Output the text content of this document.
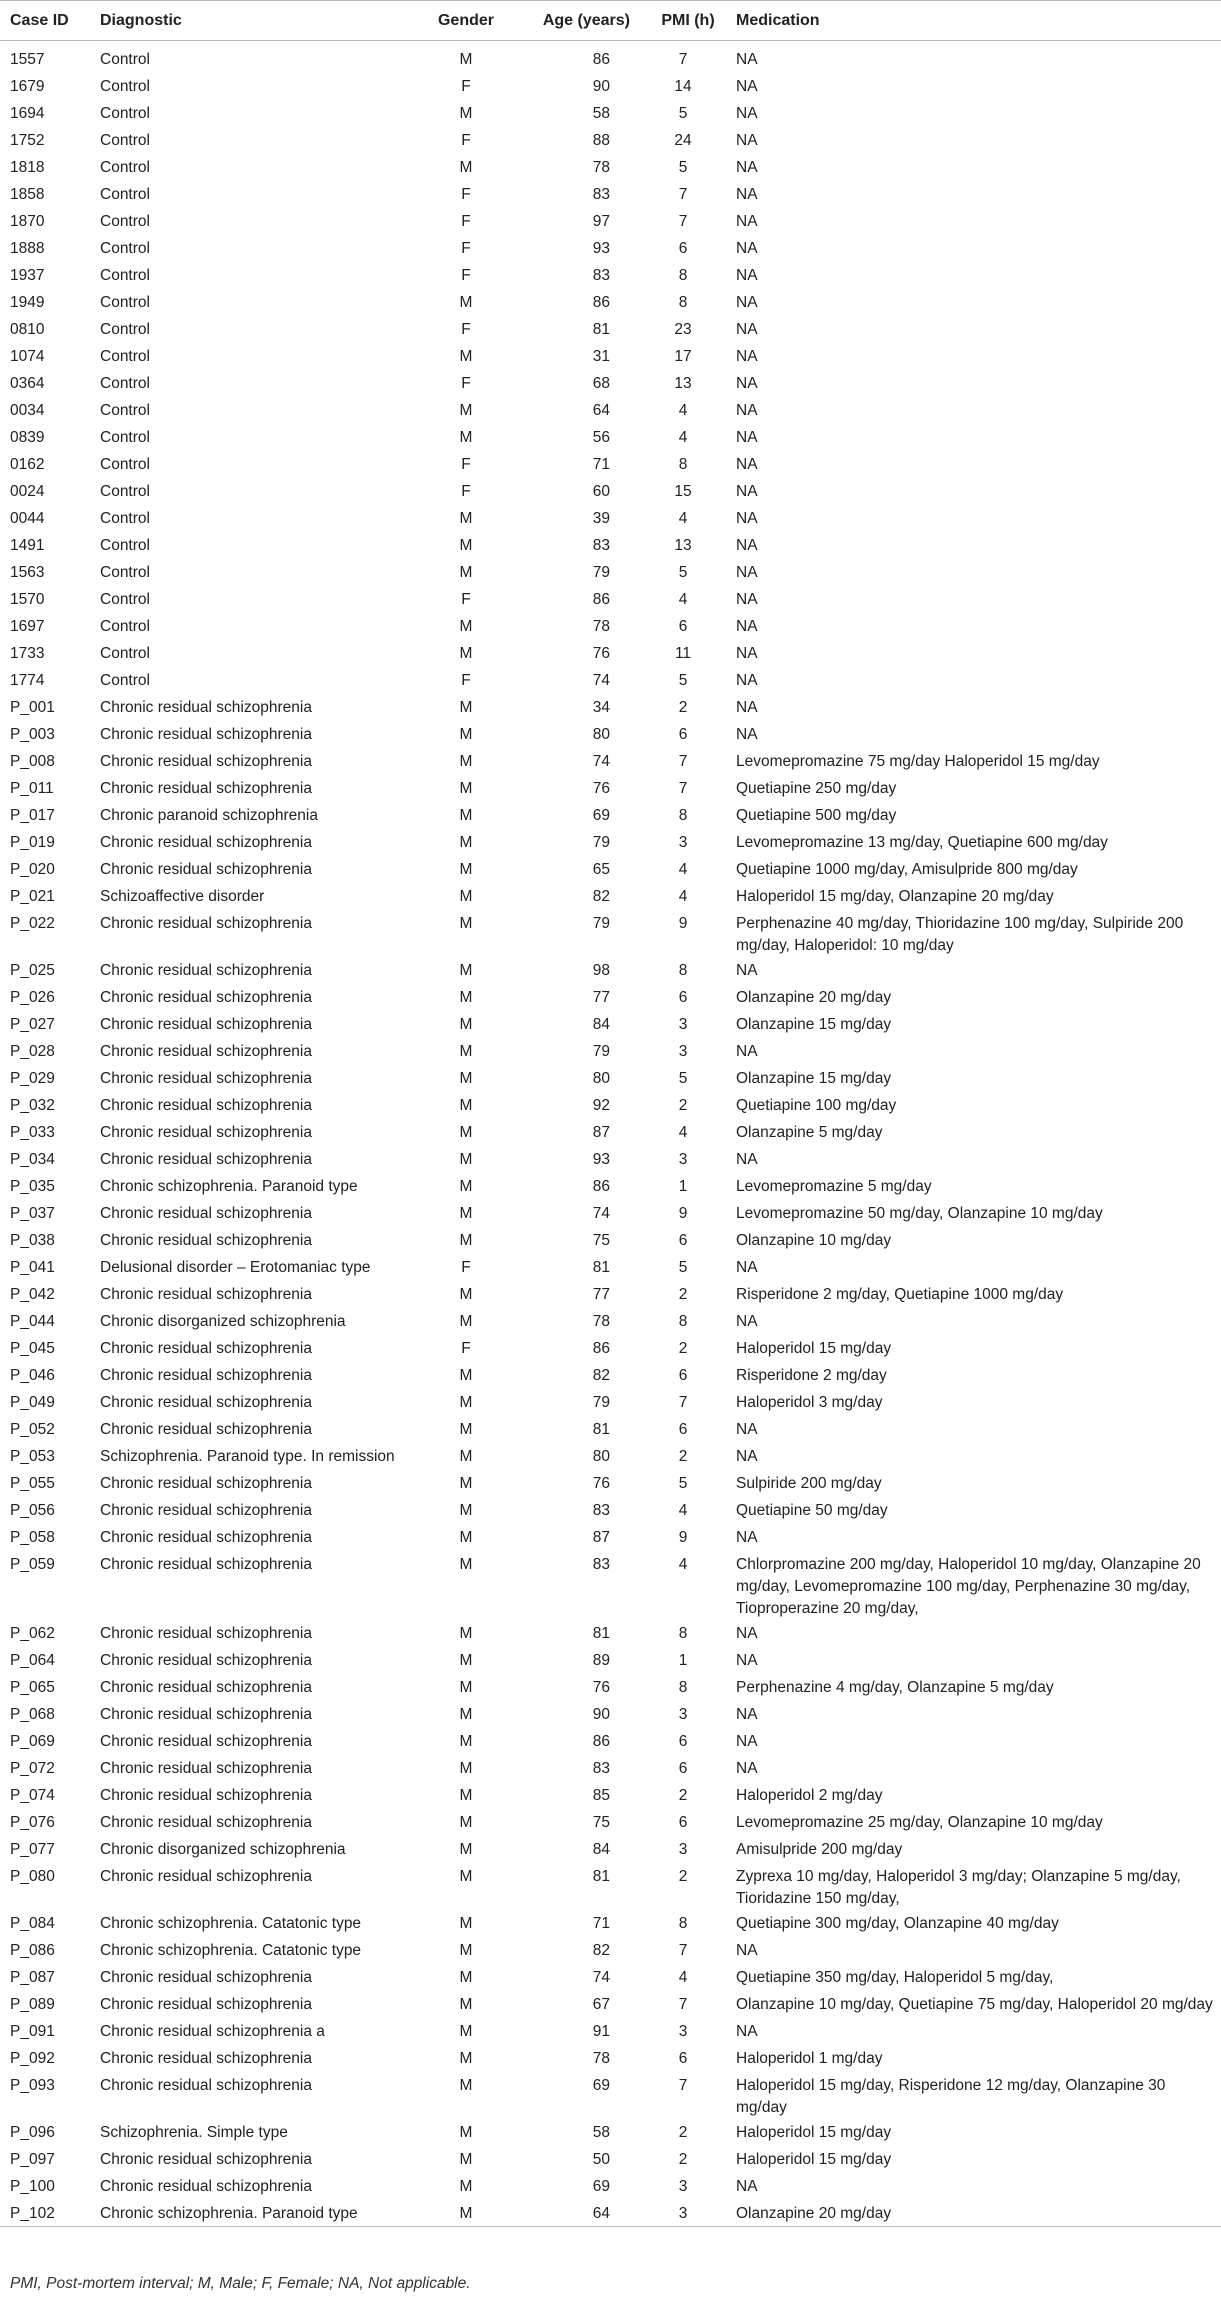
Case ID	Diagnostic	Gender	Age (years)	PMI (h)	Medication
1557	Control	M	86	7	NA
1679	Control	F	90	14	NA
1694	Control	M	58	5	NA
1752	Control	F	88	24	NA
1818	Control	M	78	5	NA
1858	Control	F	83	7	NA
1870	Control	F	97	7	NA
1888	Control	F	93	6	NA
1937	Control	F	83	8	NA
1949	Control	M	86	8	NA
0810	Control	F	81	23	NA
1074	Control	M	31	17	NA
0364	Control	F	68	13	NA
0034	Control	M	64	4	NA
0839	Control	M	56	4	NA
0162	Control	F	71	8	NA
0024	Control	F	60	15	NA
0044	Control	M	39	4	NA
1491	Control	M	83	13	NA
1563	Control	M	79	5	NA
1570	Control	F	86	4	NA
1697	Control	M	78	6	NA
1733	Control	M	76	11	NA
1774	Control	F	74	5	NA
P_001	Chronic residual schizophrenia	M	34	2	NA
P_003	Chronic residual schizophrenia	M	80	6	NA
P_008	Chronic residual schizophrenia	M	74	7	Levomepromazine 75 mg/day Haloperidol 15 mg/day
P_011	Chronic residual schizophrenia	M	76	7	Quetiapine 250 mg/day
P_017	Chronic paranoid schizophrenia	M	69	8	Quetiapine 500 mg/day
P_019	Chronic residual schizophrenia	M	79	3	Levomepromazine 13 mg/day, Quetiapine 600 mg/day
P_020	Chronic residual schizophrenia	M	65	4	Quetiapine 1000 mg/day, Amisulpride 800 mg/day
P_021	Schizoaffective disorder	M	82	4	Haloperidol 15 mg/day, Olanzapine 20 mg/day
P_022	Chronic residual schizophrenia	M	79	9	Perphenazine 40 mg/day, Thioridazine 100 mg/day, Sulpiride 200 mg/day, Haloperidol: 10 mg/day
P_025	Chronic residual schizophrenia	M	98	8	NA
P_026	Chronic residual schizophrenia	M	77	6	Olanzapine 20 mg/day
P_027	Chronic residual schizophrenia	M	84	3	Olanzapine 15 mg/day
P_028	Chronic residual schizophrenia	M	79	3	NA
P_029	Chronic residual schizophrenia	M	80	5	Olanzapine 15 mg/day
P_032	Chronic residual schizophrenia	M	92	2	Quetiapine 100 mg/day
P_033	Chronic residual schizophrenia	M	87	4	Olanzapine 5 mg/day
P_034	Chronic residual schizophrenia	M	93	3	NA
P_035	Chronic schizophrenia. Paranoid type	M	86	1	Levomepromazine 5 mg/day
P_037	Chronic residual schizophrenia	M	74	9	Levomepromazine 50 mg/day, Olanzapine 10 mg/day
P_038	Chronic residual schizophrenia	M	75	6	Olanzapine 10 mg/day
P_041	Delusional disorder – Erotomaniac type	F	81	5	NA
P_042	Chronic residual schizophrenia	M	77	2	Risperidone 2 mg/day, Quetiapine 1000 mg/day
P_044	Chronic disorganized schizophrenia	M	78	8	NA
P_045	Chronic residual schizophrenia	F	86	2	Haloperidol 15 mg/day
P_046	Chronic residual schizophrenia	M	82	6	Risperidone 2 mg/day
P_049	Chronic residual schizophrenia	M	79	7	Haloperidol 3 mg/day
P_052	Chronic residual schizophrenia	M	81	6	NA
P_053	Schizophrenia. Paranoid type. In remission	M	80	2	NA
P_055	Chronic residual schizophrenia	M	76	5	Sulpiride 200 mg/day
P_056	Chronic residual schizophrenia	M	83	4	Quetiapine 50 mg/day
P_058	Chronic residual schizophrenia	M	87	9	NA
P_059	Chronic residual schizophrenia	M	83	4	Chlorpromazine 200 mg/day, Haloperidol 10 mg/day, Olanzapine 20 mg/day, Levomepromazine 100 mg/day, Perphenazine 30 mg/day, Tioproperazine 20 mg/day,
P_062	Chronic residual schizophrenia	M	81	8	NA
P_064	Chronic residual schizophrenia	M	89	1	NA
P_065	Chronic residual schizophrenia	M	76	8	Perphenazine 4 mg/day, Olanzapine 5 mg/day
P_068	Chronic residual schizophrenia	M	90	3	NA
P_069	Chronic residual schizophrenia	M	86	6	NA
P_072	Chronic residual schizophrenia	M	83	6	NA
P_074	Chronic residual schizophrenia	M	85	2	Haloperidol 2 mg/day
P_076	Chronic residual schizophrenia	M	75	6	Levomepromazine 25 mg/day, Olanzapine 10 mg/day
P_077	Chronic disorganized schizophrenia	M	84	3	Amisulpride 200 mg/day
P_080	Chronic residual schizophrenia	M	81	2	Zyprexa 10 mg/day, Haloperidol 3 mg/day; Olanzapine 5 mg/day, Tioridazine 150 mg/day,
P_084	Chronic schizophrenia. Catatonic type	M	71	8	Quetiapine 300 mg/day, Olanzapine 40 mg/day
P_086	Chronic schizophrenia. Catatonic type	M	82	7	NA
P_087	Chronic residual schizophrenia	M	74	4	Quetiapine 350 mg/day, Haloperidol 5 mg/day,
P_089	Chronic residual schizophrenia	M	67	7	Olanzapine 10 mg/day, Quetiapine 75 mg/day, Haloperidol 20 mg/day
P_091	Chronic residual schizophrenia a	M	91	3	NA
P_092	Chronic residual schizophrenia	M	78	6	Haloperidol 1 mg/day
P_093	Chronic residual schizophrenia	M	69	7	Haloperidol 15 mg/day, Risperidone 12 mg/day, Olanzapine 30 mg/day
P_096	Schizophrenia. Simple type	M	58	2	Haloperidol 15 mg/day
P_097	Chronic residual schizophrenia	M	50	2	Haloperidol 15 mg/day
P_100	Chronic residual schizophrenia	M	69	3	NA
P_102	Chronic schizophrenia. Paranoid type	M	64	3	Olanzapine 20 mg/day
PMI, Post-mortem interval; M, Male; F, Female; NA, Not applicable.
